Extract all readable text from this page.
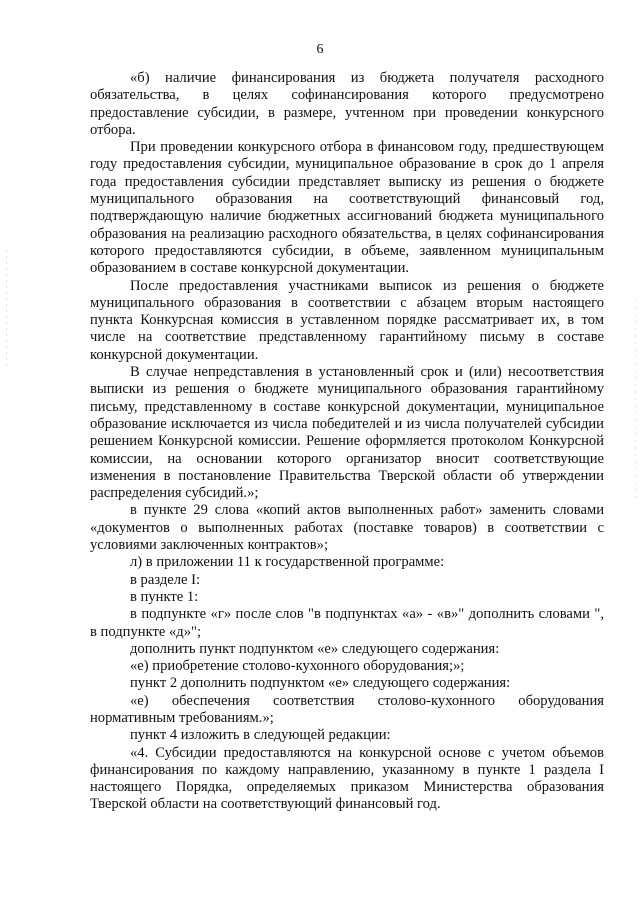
6

«б) наличие финансирования из бюджета получателя расходного обязательства, в целях софинансирования которого предусмотрено предоставление субсидии, в размере, учтенном при проведении конкурсного отбора.

При проведении конкурсного отбора в финансовом году, предшествующем году предоставления субсидии, муниципальное образование в срок до 1 апреля года предоставления субсидии представляет выписку из решения о бюджете муниципального образования на соответствующий финансовый год, подтверждающую наличие бюджетных ассигнований бюджета муниципального образования на реализацию расходного обязательства, в целях софинансирования которого предоставляются субсидии, в объеме, заявленном муниципальным образованием в составе конкурсной документации.

После предоставления участниками выписок из решения о бюджете муниципального образования в соответствии с абзацем вторым настоящего пункта Конкурсная комиссия в уставленном порядке рассматривает их, в том числе на соответствие представленному гарантийному письму в составе конкурсной документации.

В случае непредставления в установленный срок и (или) несоответствия выписки из решения о бюджете муниципального образования гарантийному письму, представленному в составе конкурсной документации, муниципальное образование исключается из числа победителей и из числа получателей субсидии решением Конкурсной комиссии. Решение оформляется протоколом Конкурсной комиссии, на основании которого организатор вносит соответствующие изменения в постановление Правительства Тверской области об утверждении распределения субсидий.»;

в пункте 29 слова «копий актов выполненных работ» заменить словами «документов о выполненных работах (поставке товаров) в соответствии с условиями заключенных контрактов»;

л) в приложении 11 к государственной программе:

в разделе I:

в пункте 1:

в подпункте «г» после слов "в подпунктах «а» - «в»" дополнить словами ", в подпункте «д»";

дополнить пункт подпунктом «е» следующего содержания:

«е) приобретение столово-кухонного оборудования;»;

пункт 2 дополнить подпунктом «е» следующего содержания:

«е) обеспечения соответствия столово-кухонного оборудования нормативным требованиям.»;

пункт 4 изложить в следующей редакции:

«4. Субсидии предоставляются на конкурсной основе с учетом объемов финансирования по каждому направлению, указанному в пункте 1 раздела I настоящего Порядка, определяемых приказом Министерства образования Тверской области на соответствующий финансовый год.
